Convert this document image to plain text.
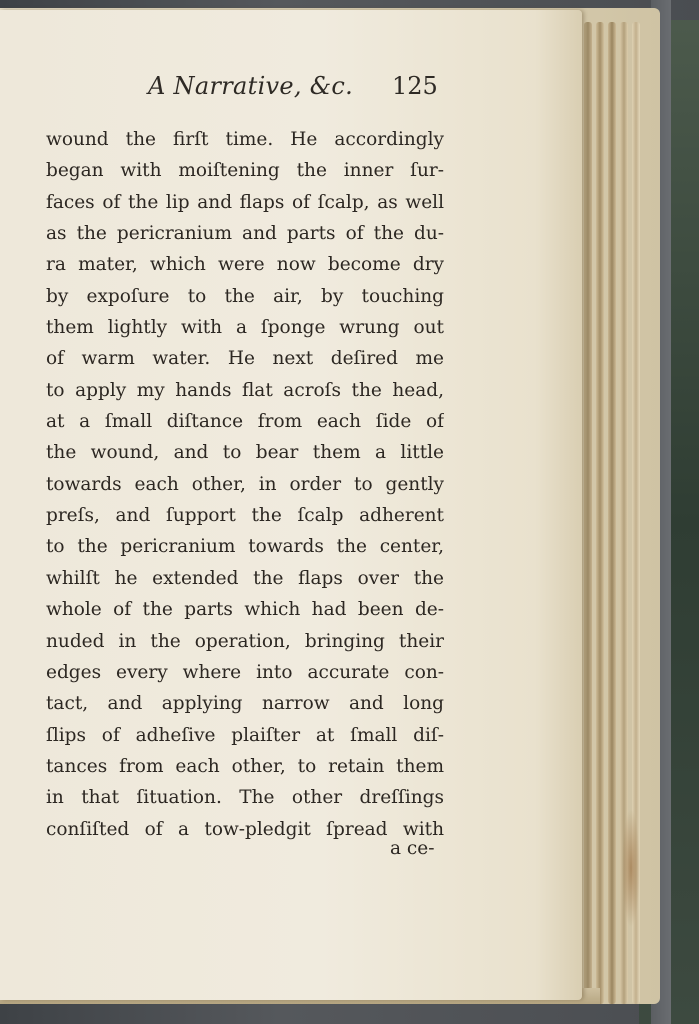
A Narrative, &c. 125
wound the firſt time. He accordingly
began with moiſtening the inner ſur-
faces of the lip and flaps of ſcalp, as well
as the pericranium and parts of the du-
ra mater, which were now become dry
by expoſure to the air, by touching
them lightly with a ſponge wrung out
of warm water. He next deſired me
to apply my hands flat acroſs the head,
at a ſmall diſtance from each ſide of
the wound, and to bear them a little
towards each other, in order to gently
preſs, and ſupport the ſcalp adherent
to the pericranium towards the center,
whilſt he extended the flaps over the
whole of the parts which had been de-
nuded in the operation, bringing their
edges every where into accurate con-
tact, and applying narrow and long
ſlips of adheſive plaiſter at ſmall diſ-
tances from each other, to retain them
in that ſituation. The other dreſſings
conſiſted of a tow-pledgit ſpread with
a ce-
